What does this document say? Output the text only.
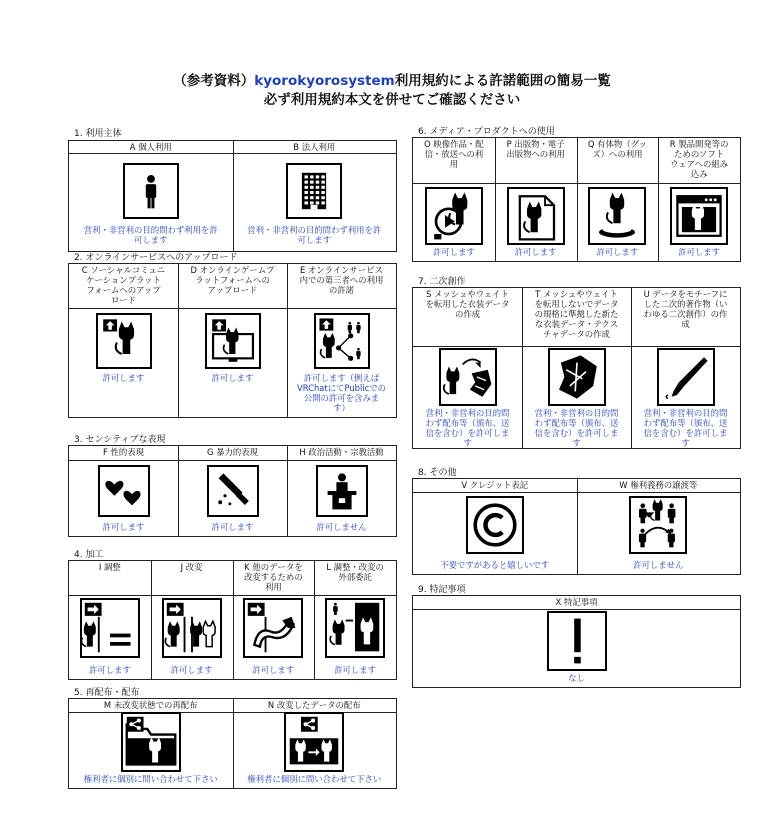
（参考資料）kyorokyorosystem利用規約による許諾範囲の簡易一覧
必ず利用規約本文を併せてご確認ください
1. 利用主体
A 個人利用
営利・非営利の目的問わず利用を許
可します
B 法人利用
営利・非営利の目的問わず利用を許
可します
2. オンラインサービスへのアップロード
C ソーシャルコミュニ
ケーションプラット
フォームへのアップ
ロード
許可します
D オンラインゲームプ
ラットフォームへの
アップロード
許可します
E オンラインサービス
内での第三者への利用
の許諾
許可します（例えば
VRChatにてPublicでの
公開の許可を含みま
す）
3. センシティブな表現
F 性的表現
許可します
G 暴力的表現
許可します
H 政治活動・宗教活動
許可しません
4. 加工
I 調整
許可します
J 改変
許可します
K 他のデータを
改変するための
利用
許可します
L 調整・改変の
外部委託
許可します
5. 再配布・配布
M 未改変状態での再配布
権利者に個別に問い合わせて下さい
N 改変したデータの配布
権利者に個別に問い合わせて下さい
6. メディア・プロダクトへの使用
O 映像作品・配
信・放送への利
用
許可します
P 出版物・電子
出版物への利用
許可します
Q 有体物（グッ
ズ）への利用
許可します
R 製品開発等の
ためのソフト
ウェアへの組み
込み
許可します
7. 二次創作
S メッシュやウェイト
を転用した衣装データ
の作成
営利・非営利の目的問
わず配布等（頒布、送
信を含む）を許可しま
す
T メッシュやウェイト
を転用しないでデータ
の規格に準拠した新た
な衣装データ・テクス
チャデータの作成
営利・非営利の目的問
わず配布等（頒布、送
信を含む）を許可しま
す
U データをモチーフに
した二次的著作物（い
わゆる二次創作）の作
成
営利・非営利の目的問
わず配布等（頒布、送
信を含む）を許可しま
す
8. その他
V クレジット表記
不要ですがあると嬉しいです
W 権利義務の譲渡等
許可しません
9. 特記事項
X 特記事項
なし
